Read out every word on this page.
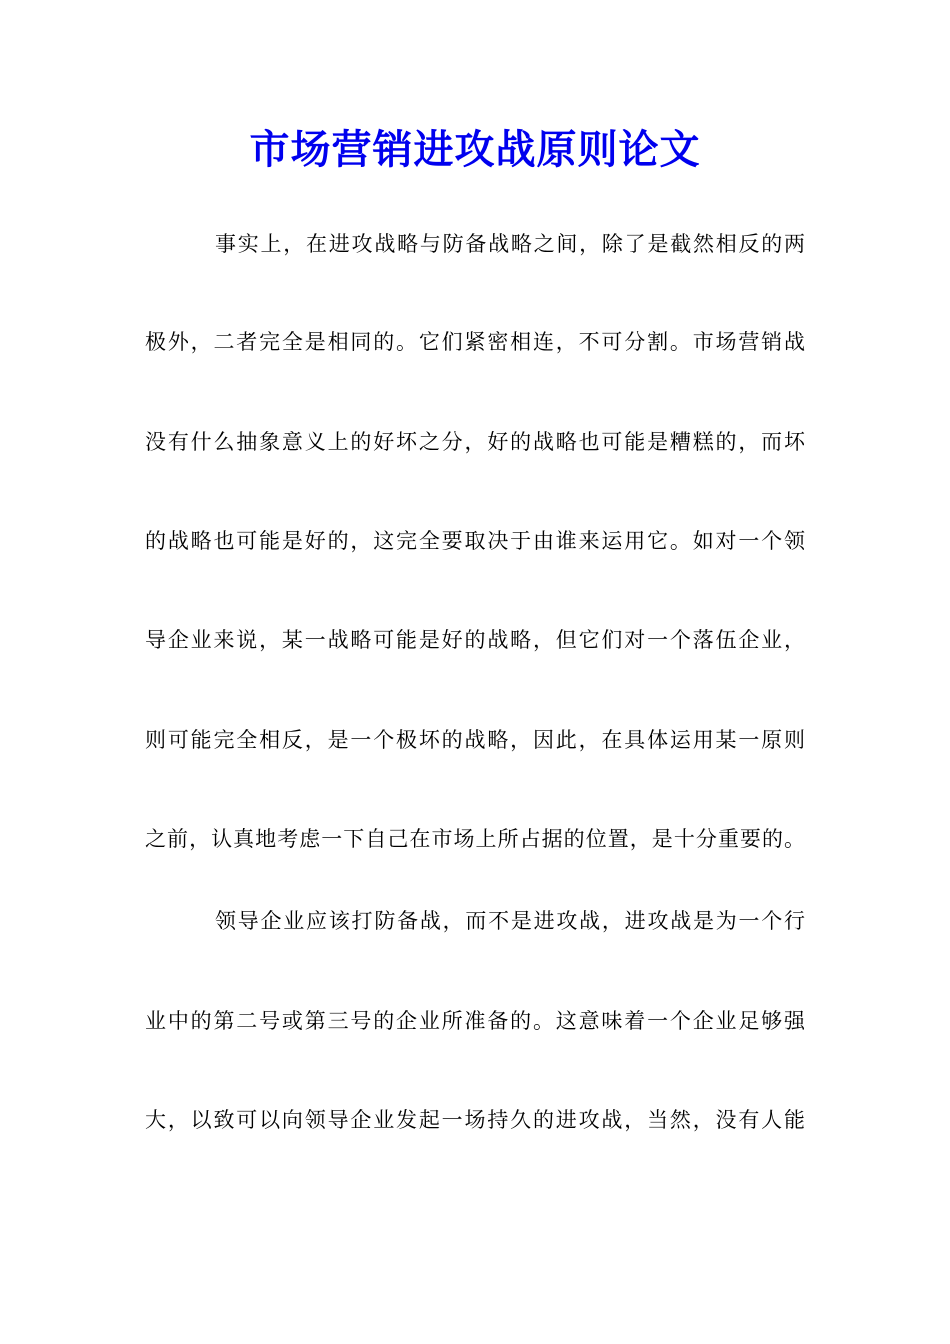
市场营销进攻战原则论文
事实上，在进攻战略与防备战略之间，除了是截然相反的两
极外，二者完全是相同的。它们紧密相连，不可分割。市场营销战
没有什么抽象意义上的好坏之分，好的战略也可能是糟糕的，而坏
的战略也可能是好的，这完全要取决于由谁来运用它。如对一个领
导企业来说，某一战略可能是好的战略，但它们对一个落伍企业，
则可能完全相反，是一个极坏的战略，因此，在具体运用某一原则
之前，认真地考虑一下自己在市场上所占据的位置，是十分重要的。
领导企业应该打防备战，而不是进攻战，进攻战是为一个行
业中的第二号或第三号的企业所准备的。这意味着一个企业足够强
大，以致可以向领导企业发起一场持久的进攻战，当然，没有人能
